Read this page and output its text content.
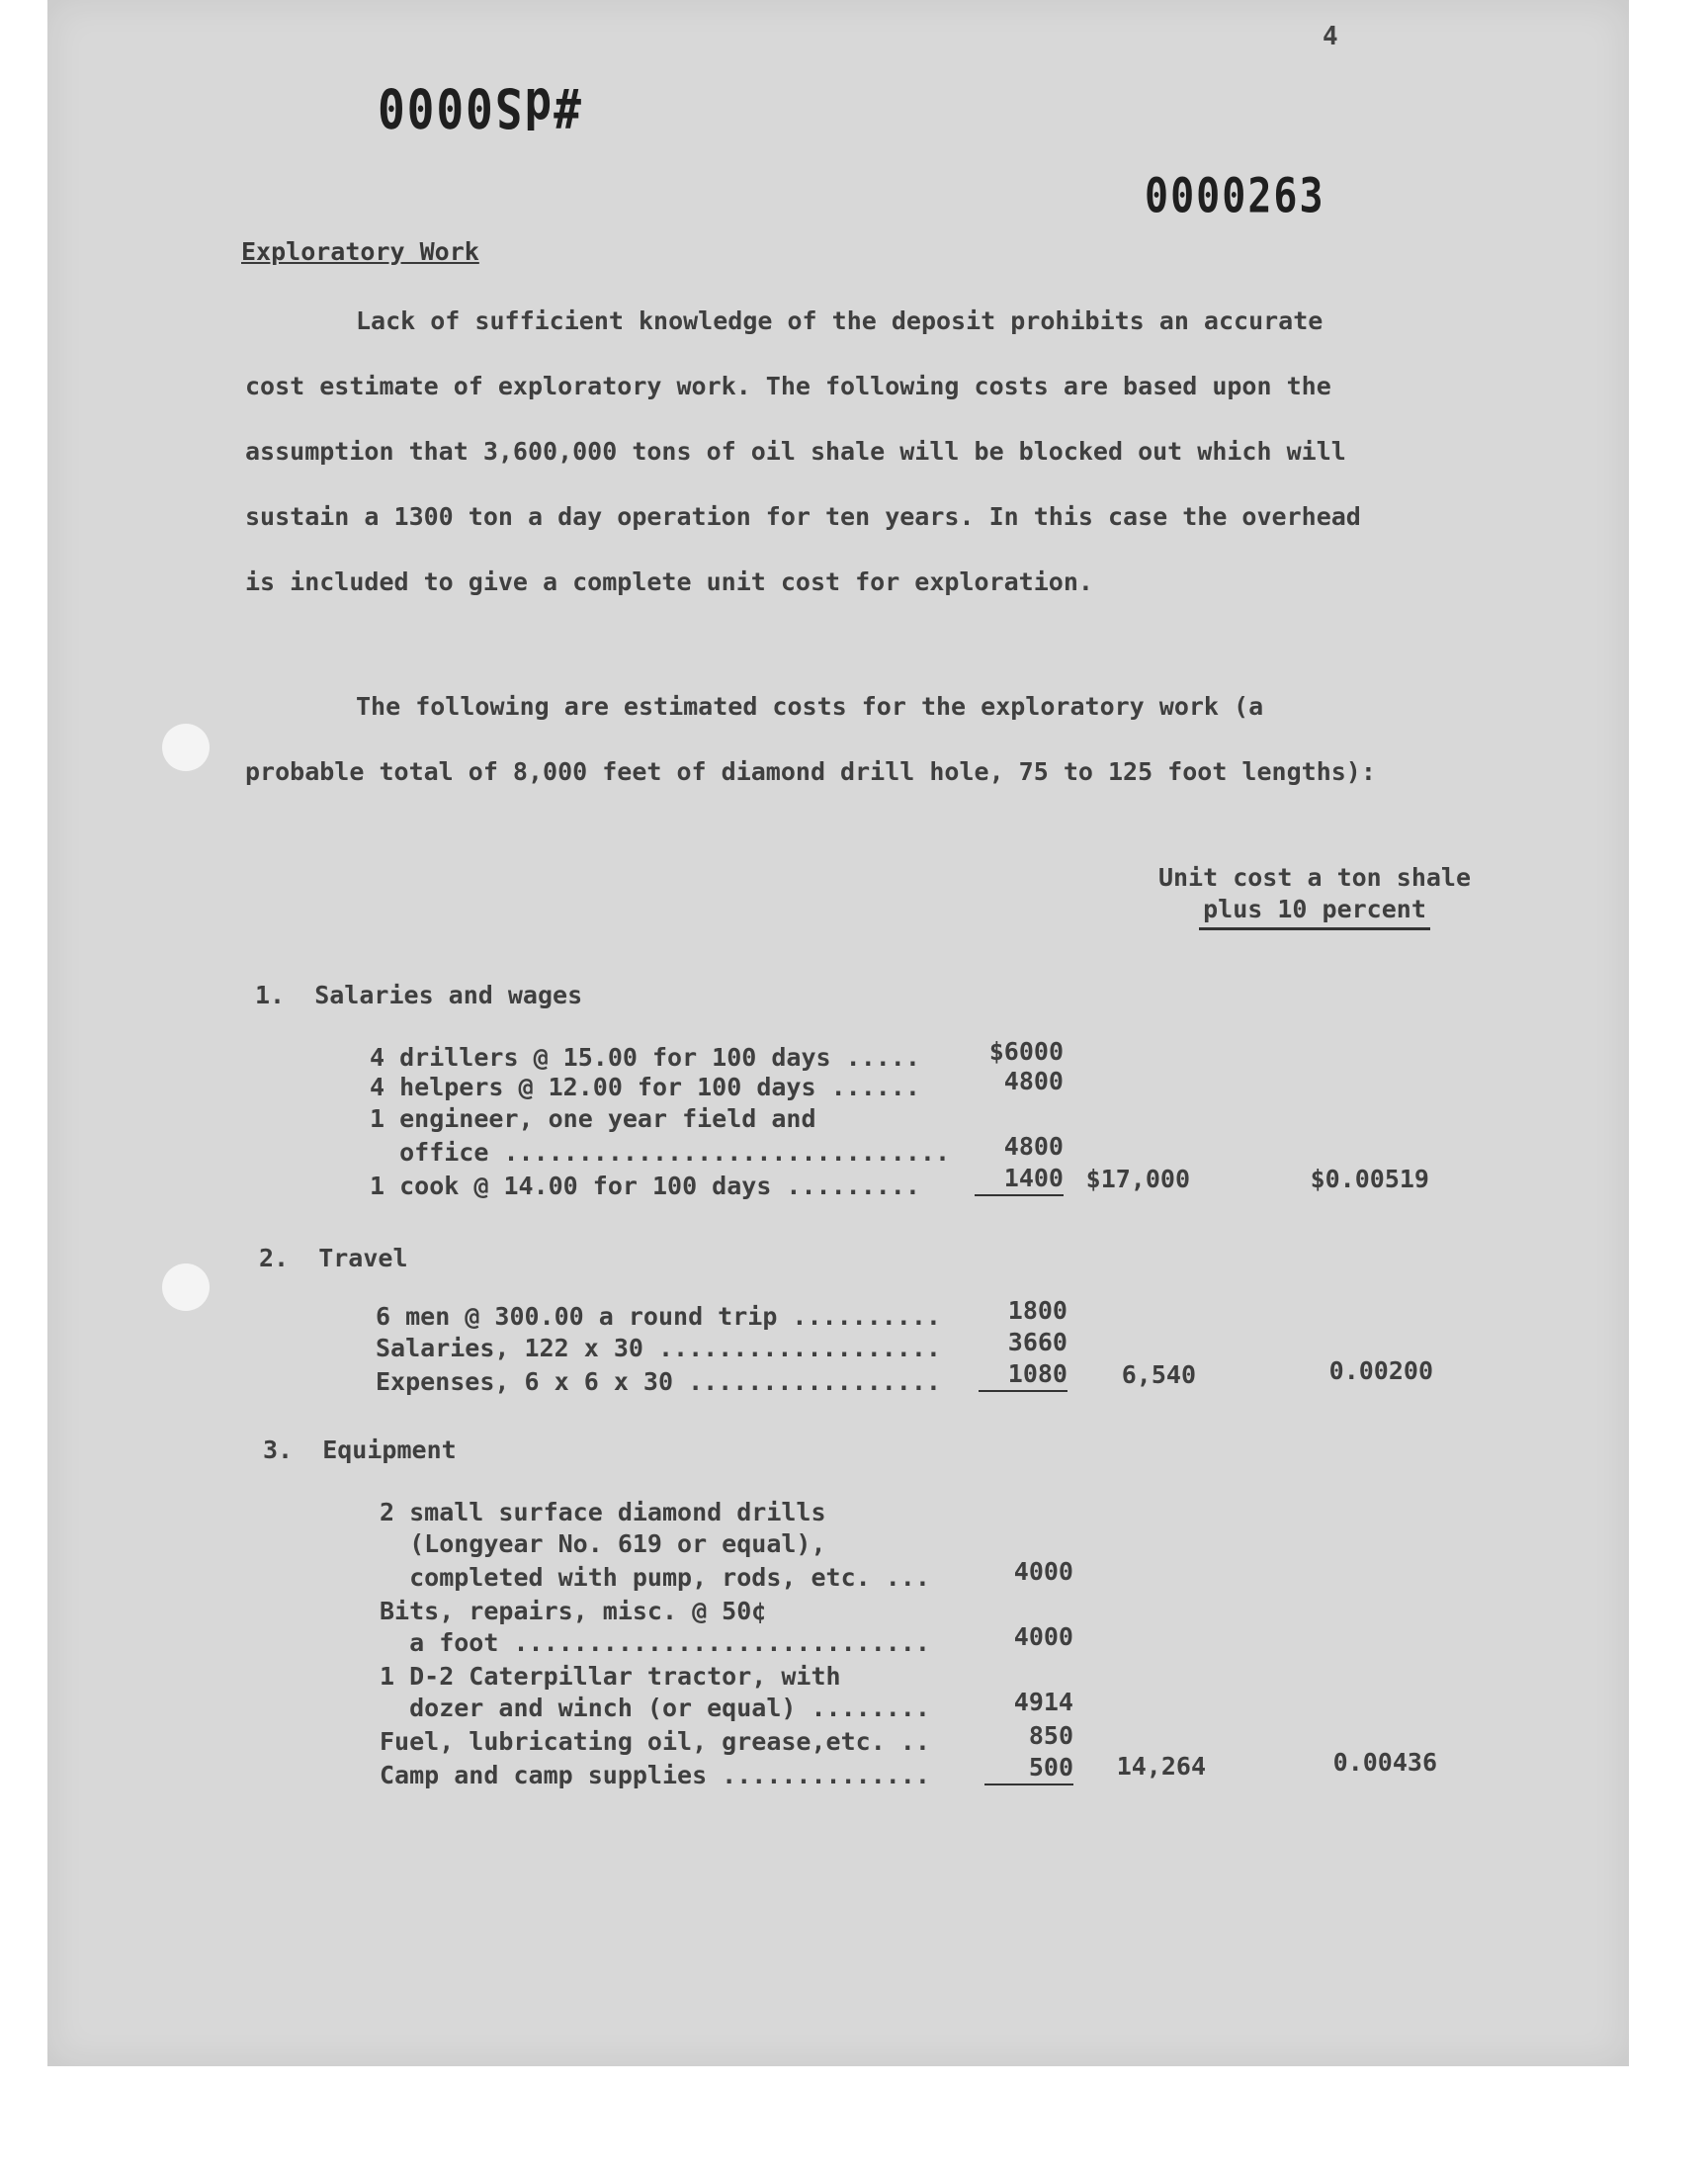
4
#dS0000
0000263
Exploratory Work

Lack of sufficient knowledge of the deposit prohibits an accurate cost estimate of exploratory work. The following costs are based upon the assumption that 3,600,000 tons of oil shale will be blocked out which will sustain a 1300 ton a day operation for ten years. In this case the overhead is included to give a complete unit cost for exploration.

The following are estimated costs for the exploratory work (a probable total of 8,000 feet of diamond drill hole, 75 to 125 foot lengths):

Unit cost a ton shale
plus 10 percent
1.  Salaries and wages
4 drillers @ 15.00 for 100 days .....	$6000
4 helpers @ 12.00 for 100 days ......	4800
1 engineer, one year field and
office ..............................	4800
1 cook @ 14.00 for 100 days .........	1400 $17,000	$0.00519
2.  Travel
6 men @ 300.00 a round trip ..........	1800
Salaries, 122 x 30 ...................	3660
Expenses, 6 x 6 x 30 .................	1080	6,540	0.00200
3.  Equipment
2 small surface diamond drills
(Longyear No. 619 or equal),
completed with pump, rods, etc. ...	4000
Bits, repairs, misc. @ 50¢
a foot ............................	4000
1 D-2 Caterpillar tractor, with
dozer and winch (or equal) ........	4914
Fuel, lubricating oil, grease,etc. ..	850
Camp and camp supplies ..............	500	14,264	0.00436
